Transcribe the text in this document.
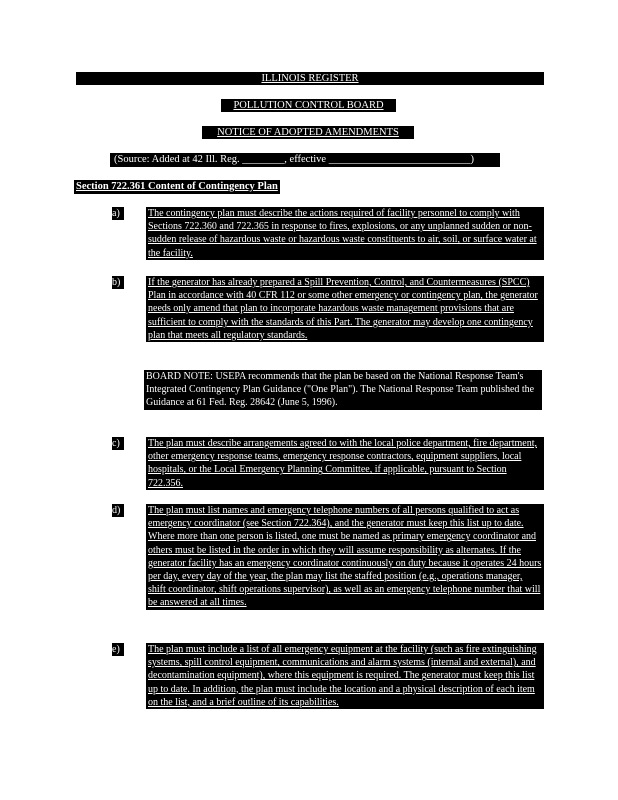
ILLINOIS REGISTER
POLLUTION CONTROL BOARD
NOTICE OF ADOPTED AMENDMENTS
(Source: Added at 42 Ill. Reg. ________, effective ___________________________)
Section 722.361 Content of Contingency Plan
a)	The contingency plan must describe the actions required of facility personnel to comply with Sections 722.360 and 722.365 in response to fires, explosions, or any unplanned sudden or non-sudden release of hazardous waste or hazardous waste constituents to air, soil, or surface water at the facility.
b)	If the generator has already prepared a Spill Prevention, Control, and Countermeasures (SPCC) Plan in accordance with 40 CFR 112 or some other emergency or contingency plan, the generator needs only amend that plan to incorporate hazardous waste management provisions that are sufficient to comply with the standards of this Part. The generator may develop one contingency plan that meets all regulatory standards.
BOARD NOTE: USEPA recommends that the plan be based on the National Response Team's Integrated Contingency Plan Guidance ("One Plan"). The National Response Team published the Guidance at 61 Fed. Reg. 28642 (June 5, 1996).
c)	The plan must describe arrangements agreed to with the local police department, fire department, other emergency response teams, emergency response contractors, equipment suppliers, local hospitals, or the Local Emergency Planning Committee, if applicable, pursuant to Section 722.356.
d)	The plan must list names and emergency telephone numbers of all persons qualified to act as emergency coordinator (see Section 722.364), and the generator must keep this list up to date. Where more than one person is listed, one must be named as primary emergency coordinator and others must be listed in the order in which they will assume responsibility as alternates. If the generator facility has an emergency coordinator continuously on duty because it operates 24 hours per day, every day of the year, the plan may list the staffed position (e.g., operations manager, shift coordinator, shift operations supervisor), as well as an emergency telephone number that will be answered at all times.
e)	The plan must include a list of all emergency equipment at the facility (such as fire extinguishing systems, spill control equipment, communications and alarm systems (internal and external), and decontamination equipment), where this equipment is required. The generator must keep this list up to date. In addition, the plan must include the location and a physical description of each item on the list, and a brief outline of its capabilities.
